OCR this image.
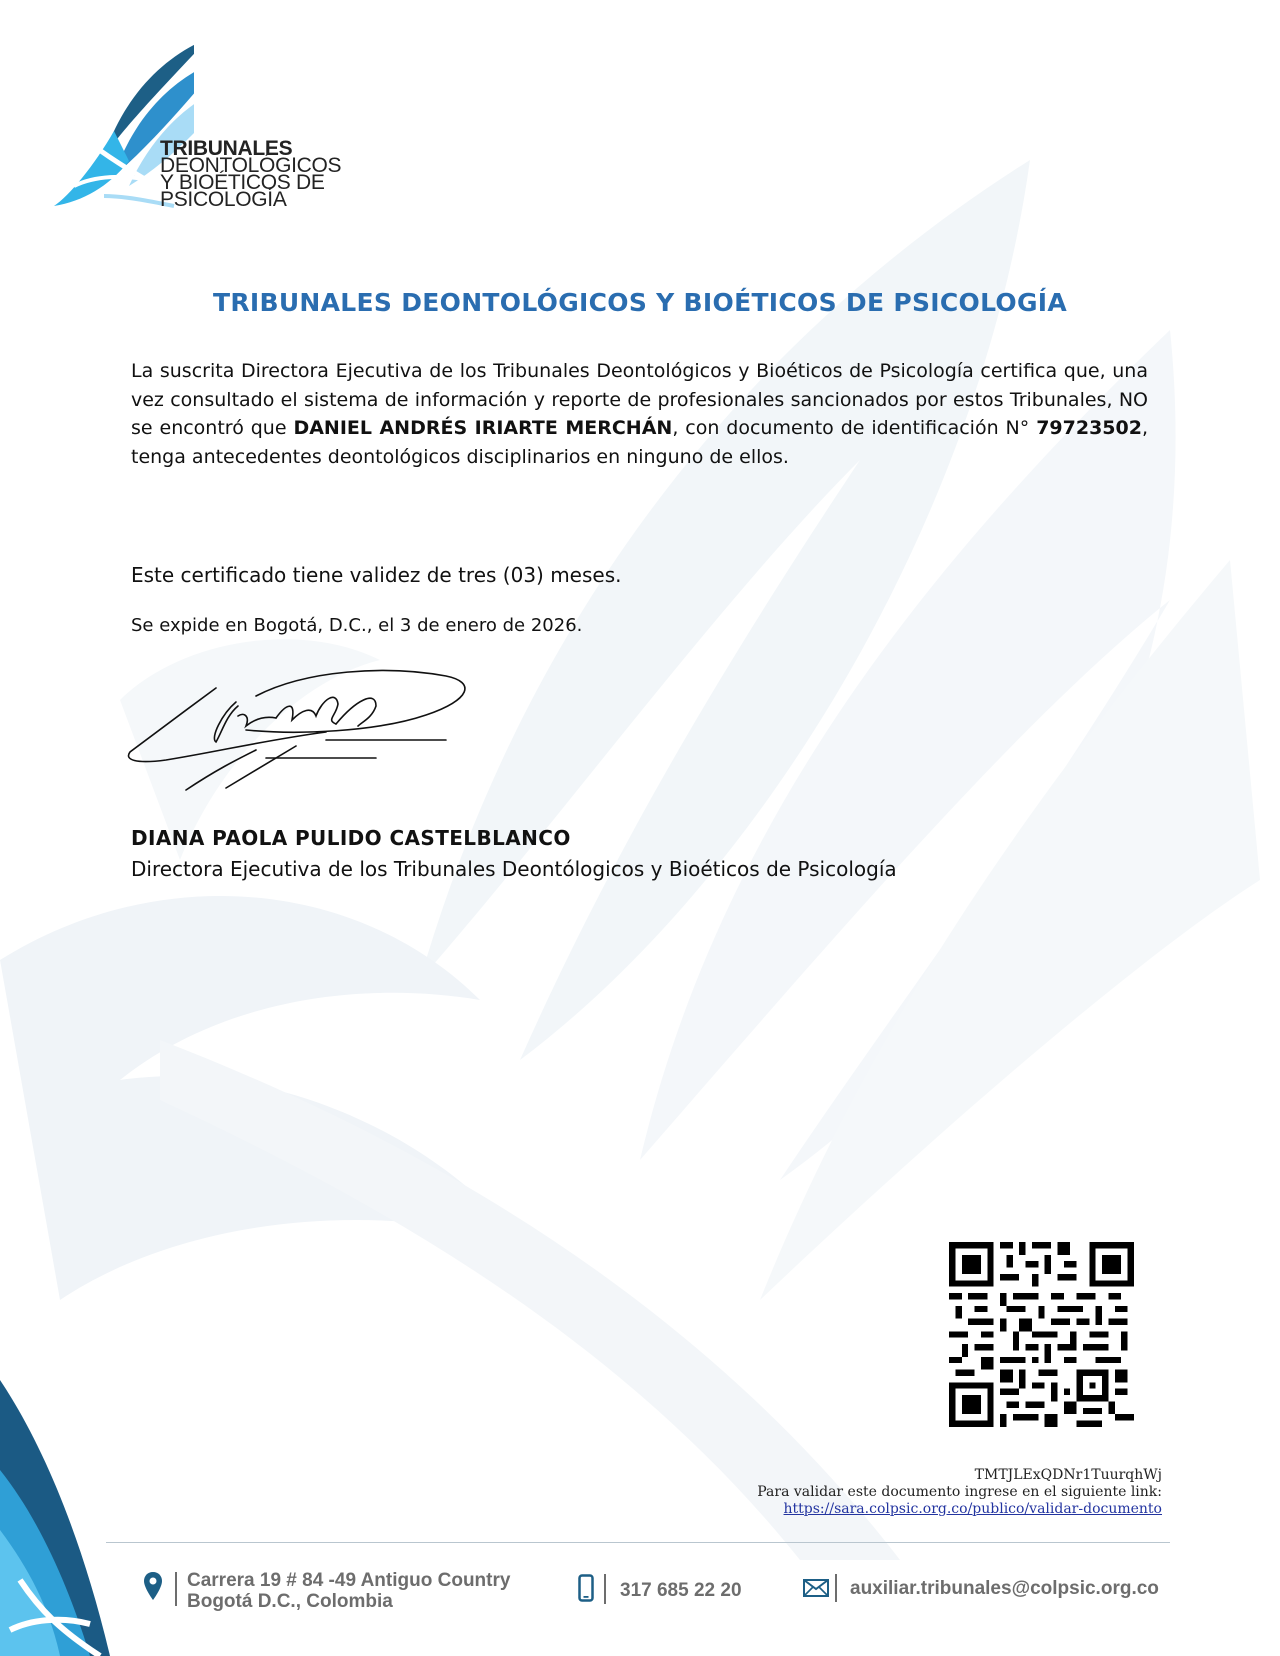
TRIBUNALES
DEONTOLÓGICOS
Y BIOÉTICOS DE
PSICOLOGÍA
TRIBUNALES DEONTOLÓGICOS Y BIOÉTICOS DE PSICOLOGÍA
La suscrita Directora Ejecutiva de los Tribunales Deontológicos y Bioéticos de Psicología certifica que, una vez consultado el sistema de información y reporte de profesionales sancionados por estos Tribunales, NO se encontró que DANIEL ANDRÉS IRIARTE MERCHÁN, con documento de identificación N° 79723502, tenga antecedentes deontológicos disciplinarios en ninguno de ellos.
Este certificado tiene validez de tres (03) meses.
Se expide en Bogotá, D.C., el 3 de enero de 2026.
DIANA PAOLA PULIDO CASTELBLANCO
Directora Ejecutiva de los Tribunales Deontólogicos y Bioéticos de Psicología
TMTJLExQDNr1TuurqhWj
Para validar este documento ingrese en el siguiente link:
https://sara.colpsic.org.co/publico/validar-documento
Carrera 19 # 84 -49 Antiguo Country
Bogotá D.C., Colombia
317 685 22 20	auxiliar.tribunales@colpsic.org.co
